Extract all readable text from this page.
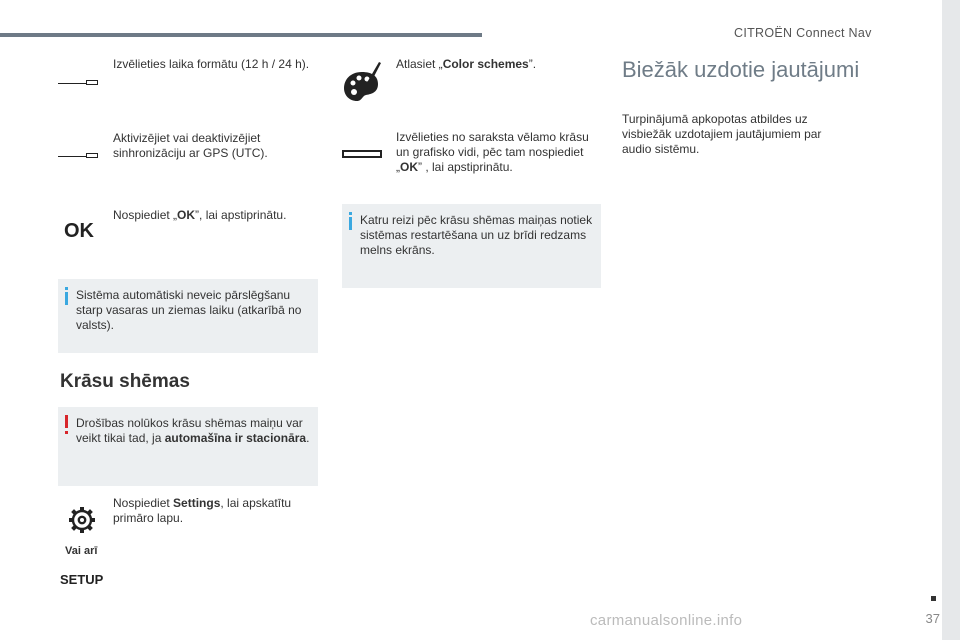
CITROËN Connect Nav
37
Izvēlieties laika formātu (12 h / 24 h).
Aktivizējiet vai deaktivizējiet sinhronizāciju ar GPS (UTC).
OK
Nospiediet „OK”, lai apstiprinātu.
Sistēma automātiski neveic pārslēgšanu starp vasaras un ziemas laiku (atkarībā no valsts).
Krāsu shēmas
Drošības nolūkos krāsu shēmas maiņu var veikt tikai tad, ja automašīna ir stacionāra.
Nospiediet Settings, lai apskatītu primāro lapu.
Vai arī
SETUP
Atlasiet „Color schemes”.
Izvēlieties no saraksta vēlamo krāsu un grafisko vidi, pēc tam nospiediet „OK” , lai apstiprinātu.
Katru reizi pēc krāsu shēmas maiņas notiek sistēmas restartēšana un uz brīdi redzams melns ekrāns.
Biežāk uzdotie jautājumi
Turpinājumā apkopotas atbildes uz visbiežāk uzdotajiem jautājumiem par audio sistēmu.
carmanualsonline.info
